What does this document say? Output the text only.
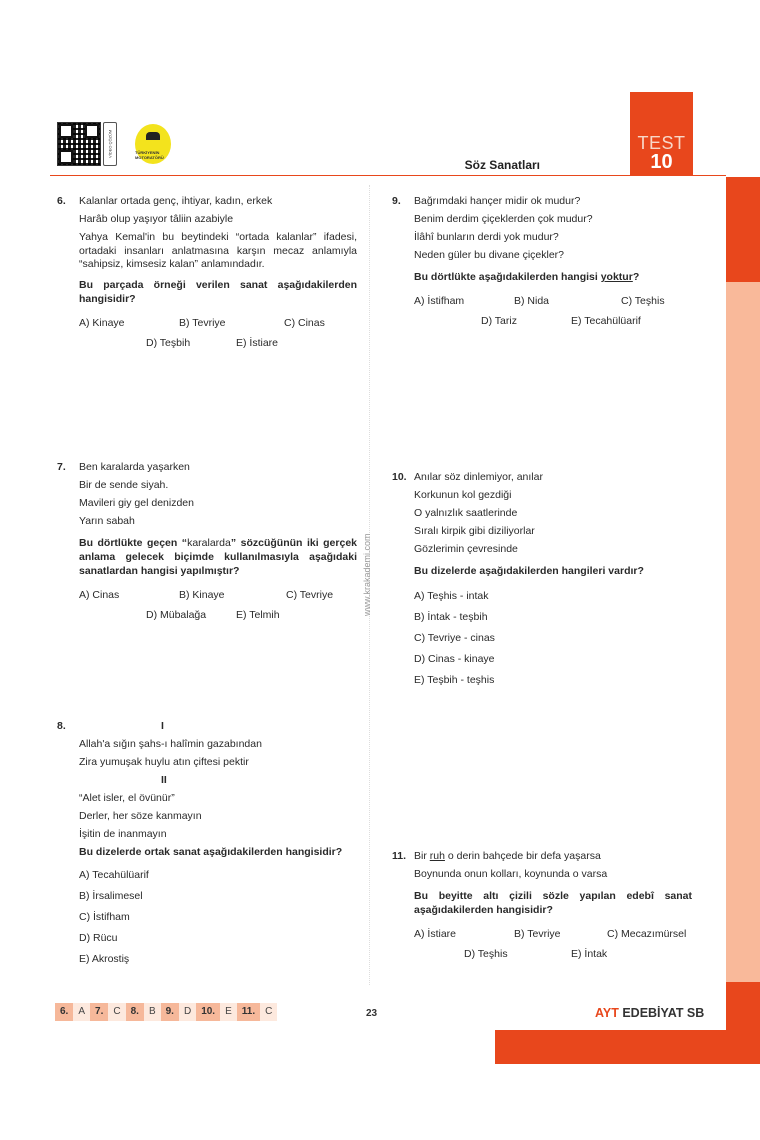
VİDEO ÇÖZÜM	TÜRKİYENİN MOTORATÖRÜ
Söz Sanatları
TEST
10
www.krakademi.com
6. Kalanlar ortada genç, ihtiyar, kadın, erkek
Harâb olup yaşıyor tâliin azabiyle
Yahya Kemal'in bu beytindeki “ortada kalanlar” ifadesi, ortadaki insanları anlatmasına karşın mecaz anlamıyla “sahipsiz, kimsesiz kalan” anlamındadır.
Bu parçada örneği verilen sanat aşağıdakilerden hangisidir?
A) Kinaye	B) Tevriye	C) Cinas
D) Teşbih	E) İstiare
7. Ben karalarda yaşarken
Bir de sende siyah.
Mavileri giy gel denizden
Yarın sabah
Bu dörtlükte geçen “karalarda” sözcüğünün iki gerçek anlama gelecek biçimde kullanılmasıyla aşağıdaki sanatlardan hangisi yapılmıştır?
A) Cinas	B) Kinaye	C) Tevriye
D) Mübalağa	E) Telmih
8.	I
Allah'a sığın şahs-ı halîmin gazabından
Zira yumuşak huylu atın çiftesi pektir
II
“Alet isler, el övünür”
Derler, her söze kanmayın
İşitin de inanmayın
Bu dizelerde ortak sanat aşağıdakilerden hangisidir?
A) Tecahülüarif
B) İrsalimesel
C) İstifham
D) Rücu
E) Akrostiş
9. Bağrımdaki hançer midir ok mudur?
Benim derdim çiçeklerden çok mudur?
İlâhî bunların derdi yok mudur?
Neden güler bu divane çiçekler?
Bu dörtlükte aşağıdakilerden hangisi yoktur?
A) İstifham	B) Nida	C) Teşhis
D) Tariz	E) Tecahülüarif
10. Anılar söz dinlemiyor, anılar
Korkunun kol gezdiği
O yalnızlık saatlerinde
Sıralı kirpik gibi diziliyorlar
Gözlerimin çevresinde
Bu dizelerde aşağıdakilerden hangileri vardır?
A) Teşhis - intak
B) İntak - teşbih
C) Tevriye - cinas
D) Cinas - kinaye
E) Teşbih - teşhis
11. Bir ruh o derin bahçede bir defa yaşarsa
Boynunda onun kolları, koynunda o varsa
Bu beyitte altı çizili sözle yapılan edebî sanat aşağıdakilerden hangisidir?
A) İstiare	B) Tevriye	C) Mecazımürsel
D) Teşhis	E) İntak
6.	A	7.	C	8.	B	9.	D	10.	E	11.	C	23	AYT EDEBİYAT SB
